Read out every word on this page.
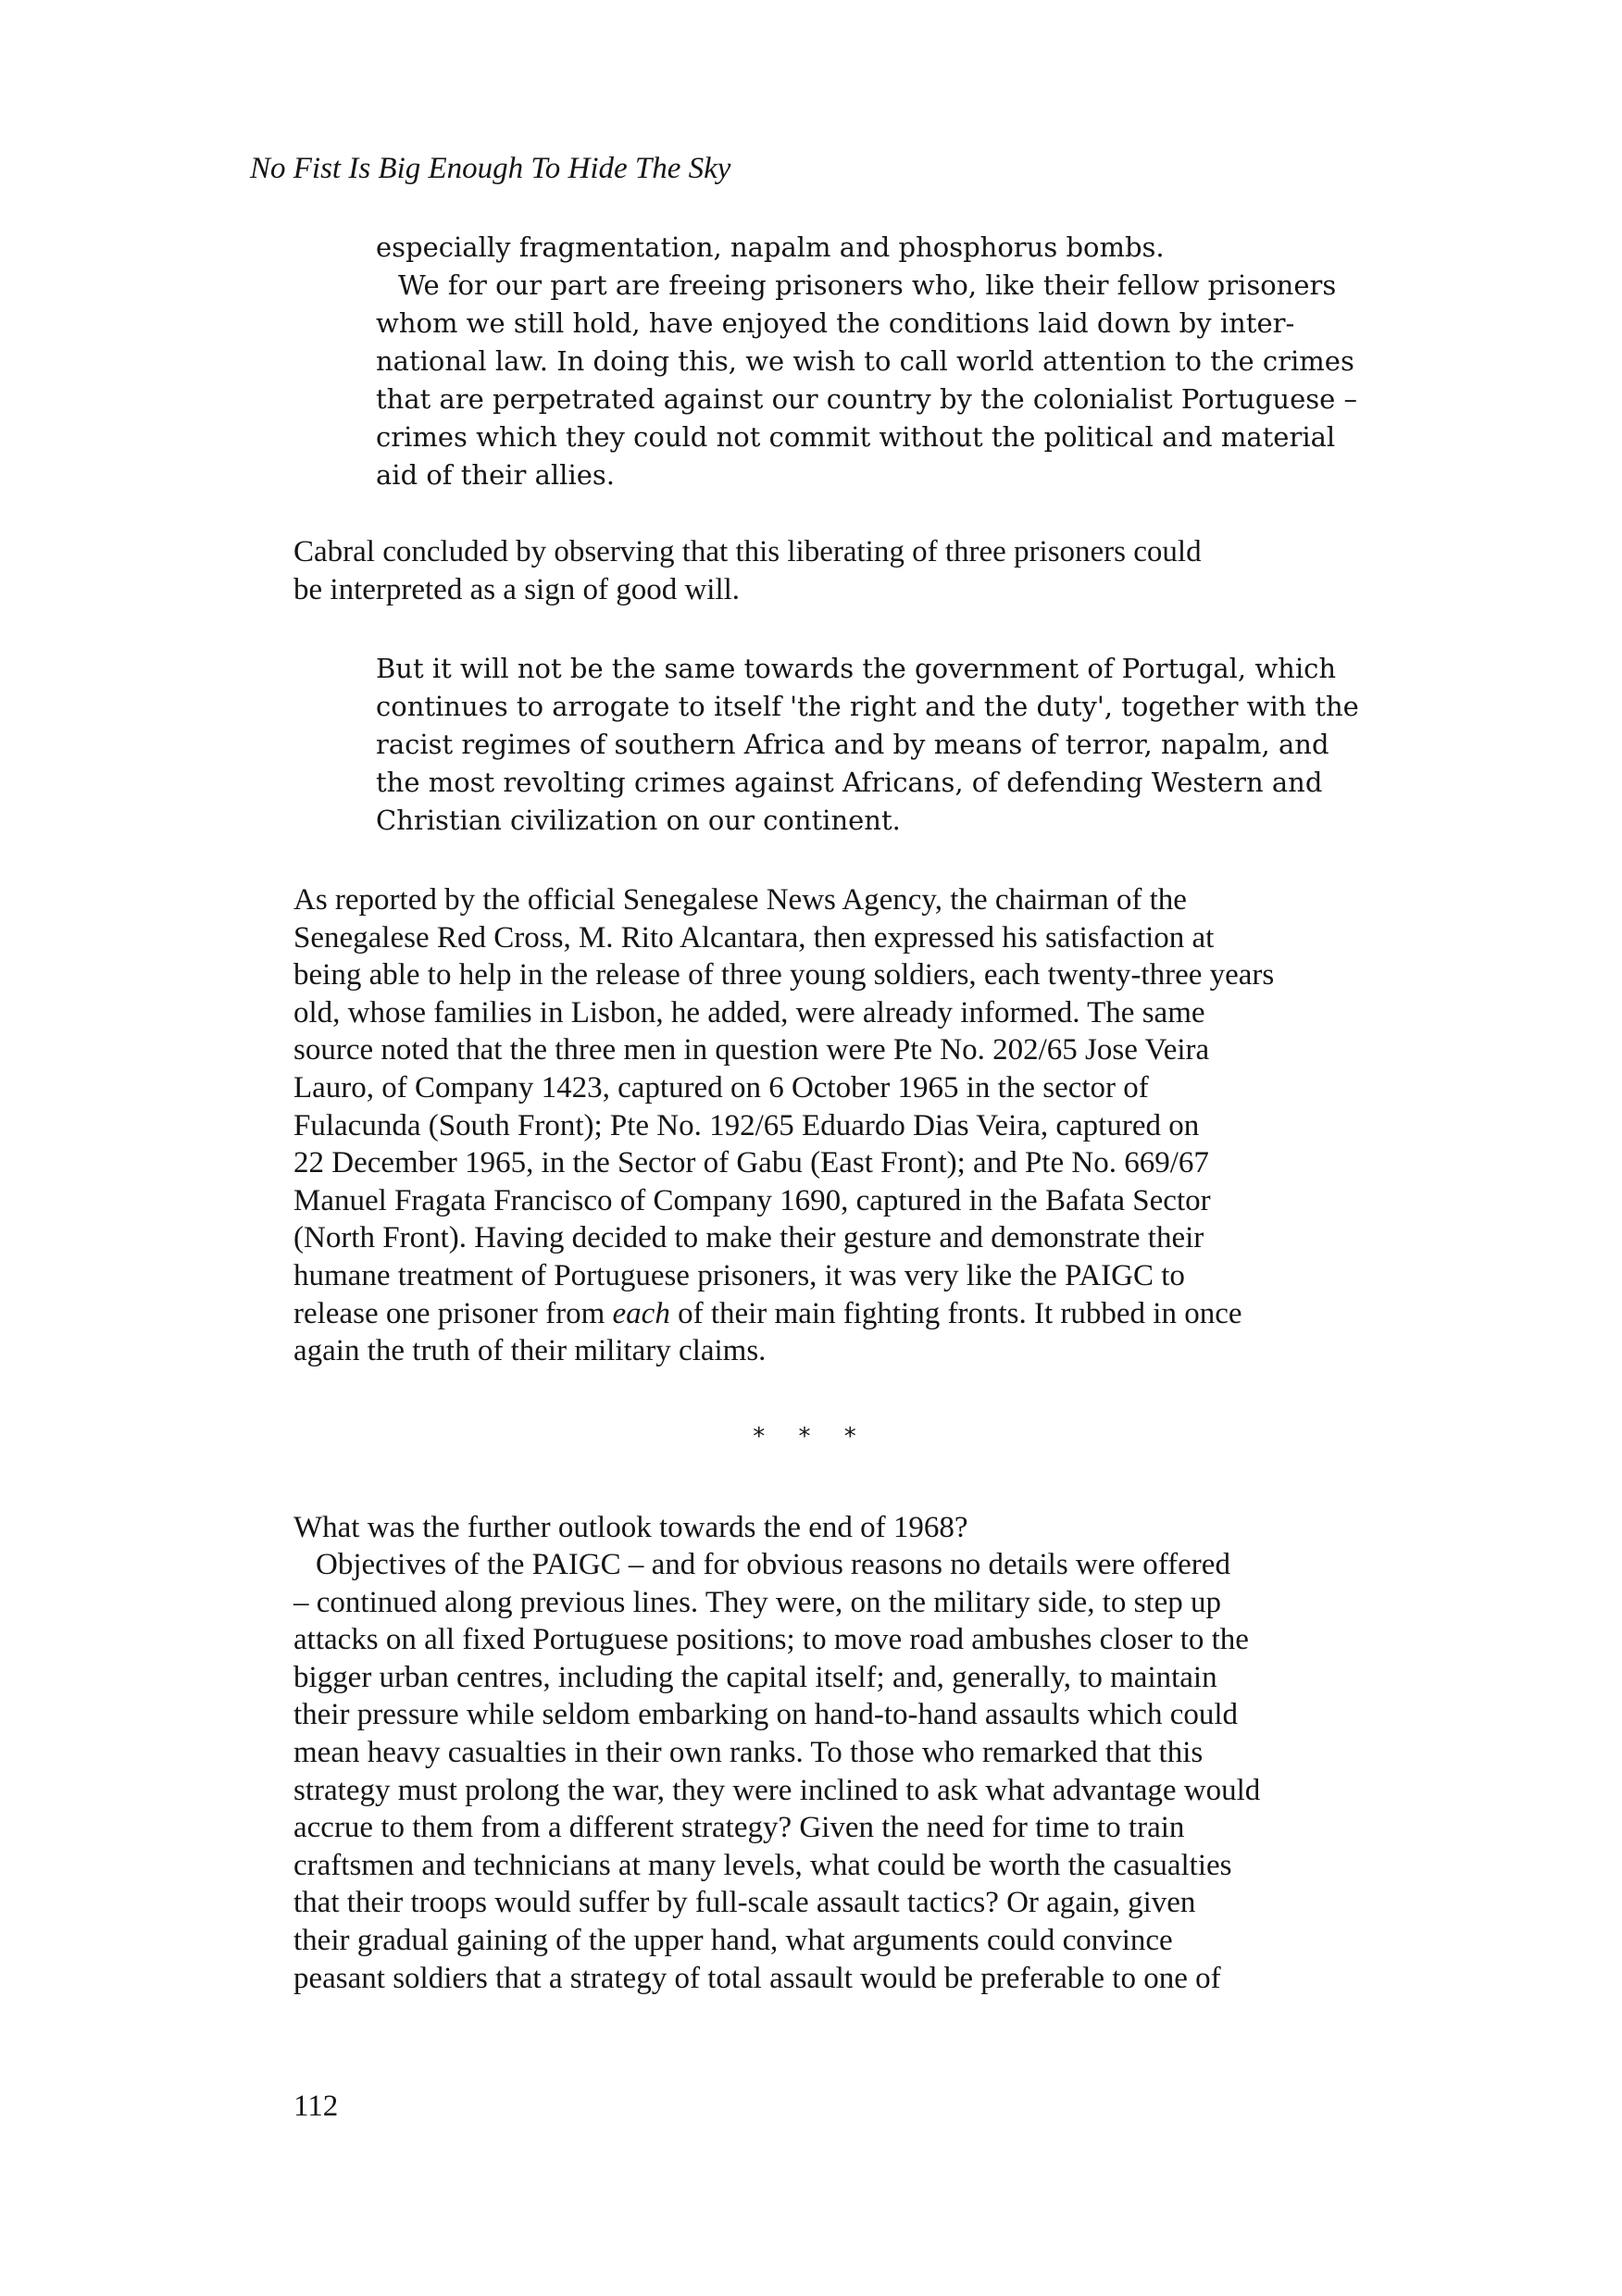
No Fist Is Big Enough To Hide The Sky
especially fragmentation, napalm and phosphorus bombs.
We for our part are freeing prisoners who, like their fellow prisoners
whom we still hold, have enjoyed the conditions laid down by inter-
national law. In doing this, we wish to call world attention to the crimes
that are perpetrated against our country by the colonialist Portuguese –
crimes which they could not commit without the political and material
aid of their allies.
Cabral concluded by observing that this liberating of three prisoners could
be interpreted as a sign of good will.
But it will not be the same towards the government of Portugal, which
continues to arrogate to itself 'the right and the duty', together with the
racist regimes of southern Africa and by means of terror, napalm, and
the most revolting crimes against Africans, of defending Western and
Christian civilization on our continent.
As reported by the official Senegalese News Agency, the chairman of the
Senegalese Red Cross, M. Rito Alcantara, then expressed his satisfaction at
being able to help in the release of three young soldiers, each twenty-three years
old, whose families in Lisbon, he added, were already informed. The same
source noted that the three men in question were Pte No. 202/65 Jose Veira
Lauro, of Company 1423, captured on 6 October 1965 in the sector of
Fulacunda (South Front); Pte No. 192/65 Eduardo Dias Veira, captured on
22 December 1965, in the Sector of Gabu (East Front); and Pte No. 669/67
Manuel Fragata Francisco of Company 1690, captured in the Bafata Sector
(North Front). Having decided to make their gesture and demonstrate their
humane treatment of Portuguese prisoners, it was very like the PAIGC to
release one prisoner from each of their main fighting fronts. It rubbed in once
again the truth of their military claims.
* * *
What was the further outlook towards the end of 1968?
Objectives of the PAIGC – and for obvious reasons no details were offered
– continued along previous lines. They were, on the military side, to step up
attacks on all fixed Portuguese positions; to move road ambushes closer to the
bigger urban centres, including the capital itself; and, generally, to maintain
their pressure while seldom embarking on hand-to-hand assaults which could
mean heavy casualties in their own ranks. To those who remarked that this
strategy must prolong the war, they were inclined to ask what advantage would
accrue to them from a different strategy? Given the need for time to train
craftsmen and technicians at many levels, what could be worth the casualties
that their troops would suffer by full-scale assault tactics? Or again, given
their gradual gaining of the upper hand, what arguments could convince
peasant soldiers that a strategy of total assault would be preferable to one of
112
